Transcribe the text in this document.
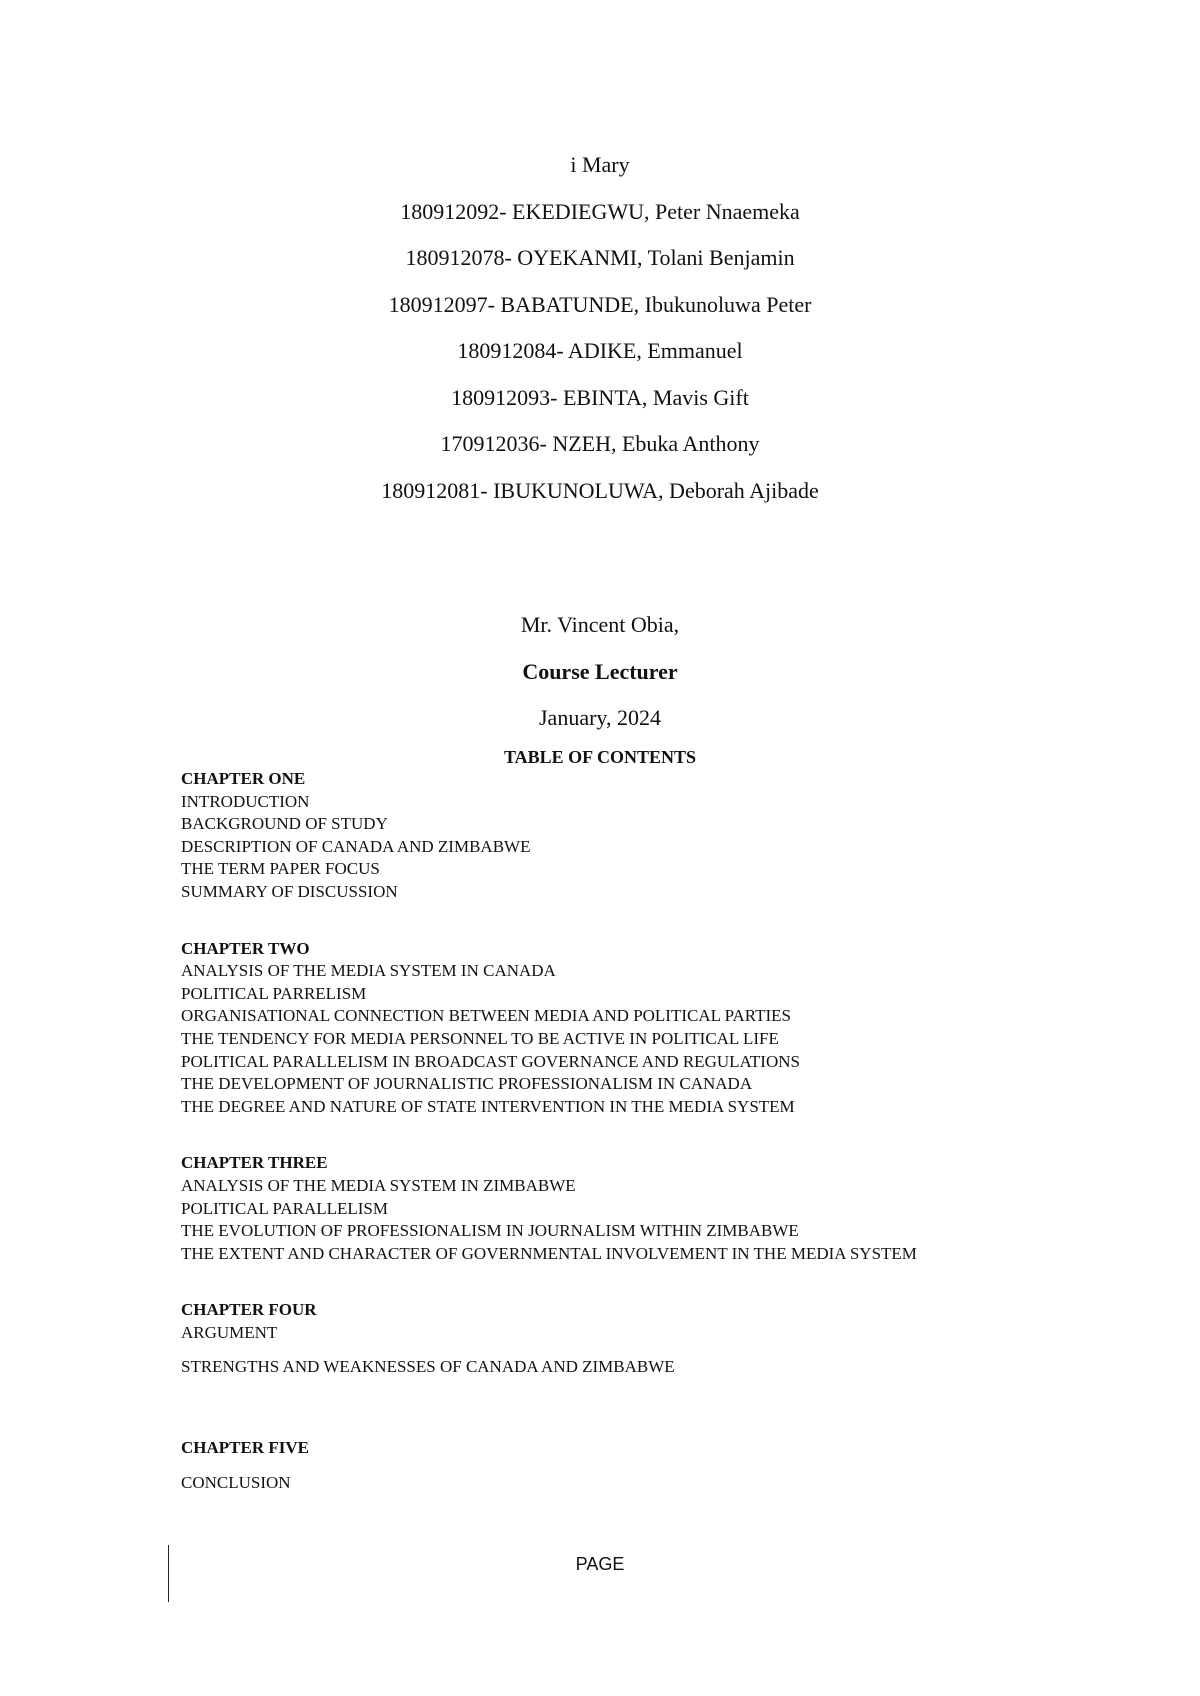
i Mary
180912092- EKEDIEGWU, Peter Nnaemeka
180912078- OYEKANMI, Tolani Benjamin
180912097- BABATUNDE, Ibukunoluwa Peter
180912084- ADIKE, Emmanuel
180912093- EBINTA, Mavis Gift
170912036- NZEH, Ebuka Anthony
180912081- IBUKUNOLUWA, Deborah Ajibade
Mr. Vincent Obia,
Course Lecturer
January, 2024
TABLE OF CONTENTS
CHAPTER ONE
INTRODUCTION
BACKGROUND OF STUDY
DESCRIPTION OF CANADA AND ZIMBABWE
THE TERM PAPER FOCUS
SUMMARY OF DISCUSSION
CHAPTER TWO
ANALYSIS OF THE MEDIA SYSTEM IN CANADA
POLITICAL PARRELISM
ORGANISATIONAL CONNECTION BETWEEN MEDIA AND POLITICAL PARTIES
THE TENDENCY FOR MEDIA PERSONNEL TO BE ACTIVE IN POLITICAL LIFE
POLITICAL PARALLELISM IN BROADCAST GOVERNANCE AND REGULATIONS
THE DEVELOPMENT OF JOURNALISTIC PROFESSIONALISM IN CANADA
THE DEGREE AND NATURE OF STATE INTERVENTION IN THE MEDIA SYSTEM
CHAPTER THREE
ANALYSIS OF THE MEDIA SYSTEM IN ZIMBABWE
POLITICAL PARALLELISM
THE EVOLUTION OF PROFESSIONALISM IN JOURNALISM WITHIN ZIMBABWE
THE EXTENT AND CHARACTER OF GOVERNMENTAL INVOLVEMENT IN THE MEDIA SYSTEM
CHAPTER FOUR
ARGUMENT
STRENGTHS AND WEAKNESSES OF CANADA AND ZIMBABWE
CHAPTER FIVE
CONCLUSION
PAGE
